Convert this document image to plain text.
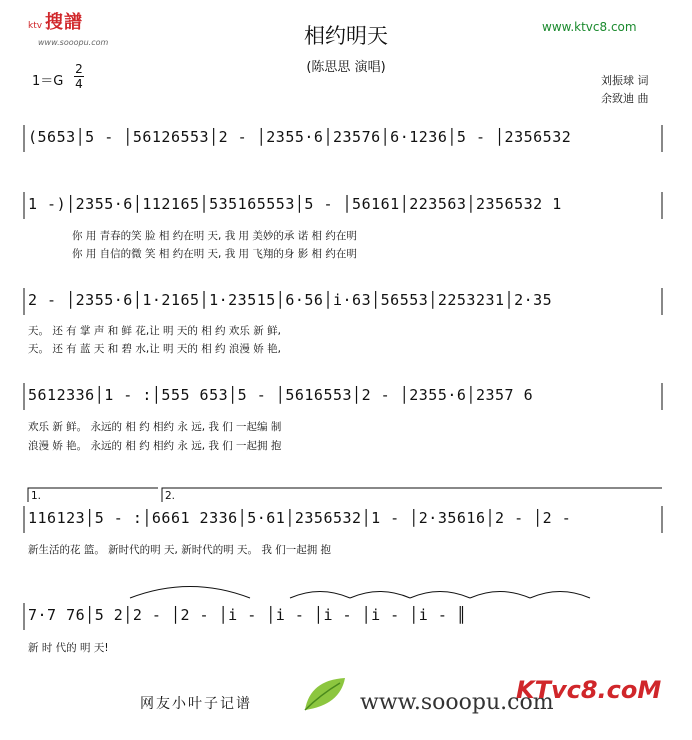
ktv 搜譜
www.sooopu.com
www.ktvc8.com
相约明天
(陈思思 演唱)
1＝G
2
4	刘振球 词
余致迪 曲
(5653│5 - │56126553│2 - │2355·6│23576│6·1236│5 - │2356532
1 -)│2355·6│112165│535165553│5 - │56161│223563│2356532 1
你 用 青春的笑 脸 相 约在明 天, 我 用 美妙的承 诺 相 约在明
你 用 自信的微 笑 相 约在明 天, 我 用 飞翔的身 影 相 约在明
2 - │2355·6│1·2165│1·23515│6·56│i·63│56553│2253231│2·35
天。 还 有 掌 声 和 鲜 花,让 明 天的 相 约 欢乐 新 鲜,
天。 还 有 蓝 天 和 碧 水,让 明 天的 相 约 浪漫 娇 艳,
5612336│1 - :│555 653│5 - │5616553│2 - │2355·6│2357 6
欢乐 新 鲜。 永远的 相 约 相约 永 远, 我 们 一起编 制
浪漫 娇 艳。 永远的 相 约 相约 永 远, 我 们 一起拥 抱
1.	2.
116123│5 - :│6661 2336│5·61│2356532│1 - │2·35616│2 - │2 -
新生活的花 篮。 新时代的明 天, 新时代的明 天。 我 们一起拥 抱
7·7 76│5 2│2 - │2 - │i - │i - │i - │i - │i - ║
新 时 代的 明 天!
网友小叶子记谱	www.sooopu.com
KTvc8.coM
